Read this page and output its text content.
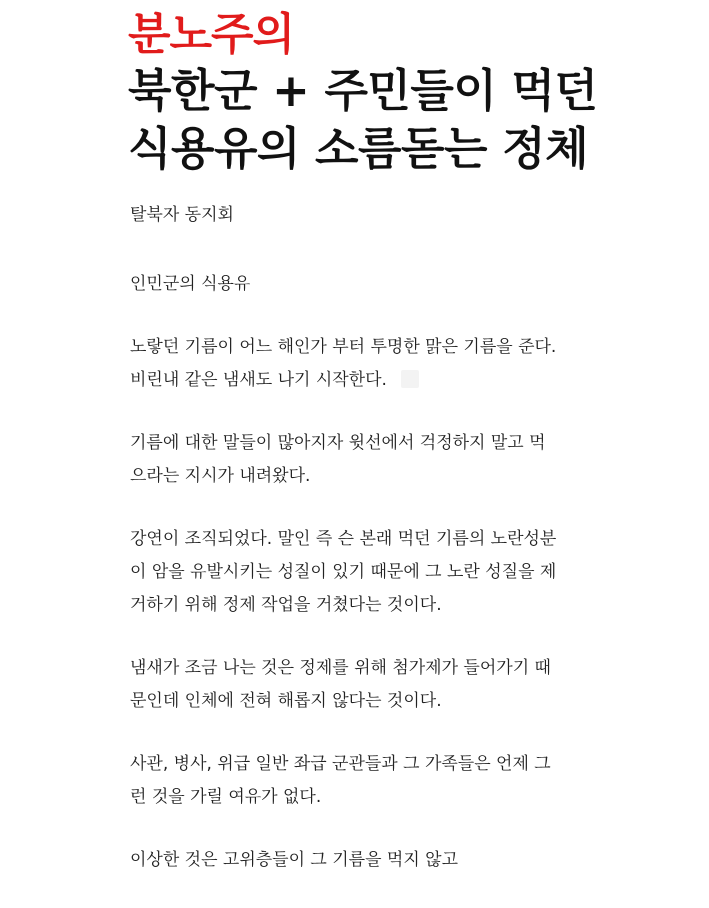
분노주의
북한군 + 주민들이 먹던
식용유의 소름돋는 정체
탈북자 동지회

인민군의 식용유

노랗던 기름이 어느 해인가 부터 투명한 맑은 기름을 준다.
비린내 같은 냄새도 나기 시작한다.

기름에 대한 말들이 많아지자 윗선에서 걱정하지 말고 먹
으라는 지시가 내려왔다.

강연이 조직되었다. 말인 즉 슨 본래 먹던 기름의 노란성분
이 암을 유발시키는 성질이 있기 때문에 그 노란 성질을 제
거하기 위해 정제 작업을 거쳤다는 것이다.

냄새가 조금 나는 것은 정제를 위해 첨가제가 들어가기 때
문인데 인체에 전혀 해롭지 않다는 것이다.

사관, 병사, 위급 일반 좌급 군관들과 그 가족들은 언제 그
런 것을 가릴 여유가 없다.

이상한 것은 고위층들이 그 기름을 먹지 않고
